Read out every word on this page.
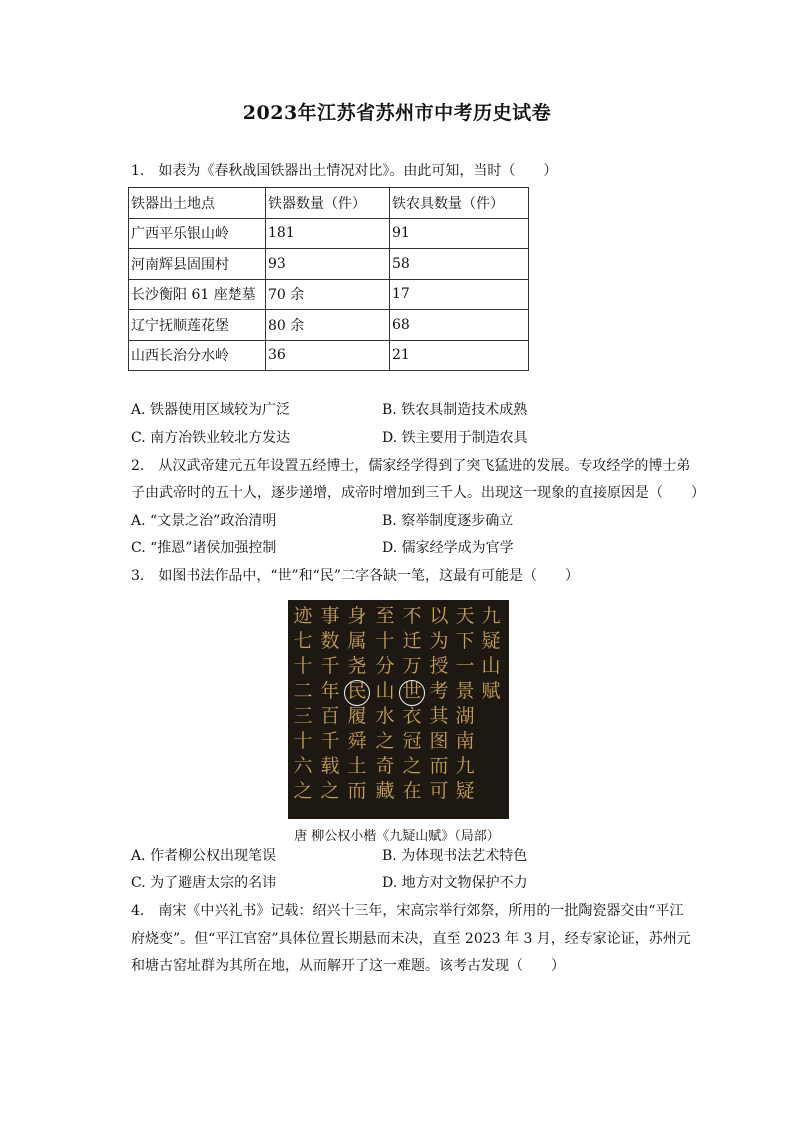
2023年江苏省苏州市中考历史试卷
1.　如表为《春秋战国铁器出土情况对比》。由此可知，当时（　　）
铁器出土地点	铁器数量（件）	铁农具数量（件）
广西平乐银山岭	181	91
河南辉县固围村	93	58
长沙衡阳 61 座楚墓	70 余	17
辽宁抚顺莲花堡	80 余	68
山西长治分水岭	36	21
A. 铁器使用区域较为广泛	B. 铁农具制造技术成熟
C. 南方冶铁业较北方发达	D. 铁主要用于制造农具
2.　从汉武帝建元五年设置五经博士，儒家经学得到了突飞猛进的发展。专攻经学的博士弟
子由武帝时的五十人，逐步递增，成帝时增加到三千人。出现这一现象的直接原因是（　　）
A. “文景之治”政治清明	B. 察举制度逐步确立
C. “推恩”诸侯加强控制	D. 儒家经学成为官学
3.　如图书法作品中，“世”和“民”二字各缺一笔，这最有可能是（　　）
九
疑
山
赋
天
下
一
景
湖
南
九
疑
以
为
授
考
其
图
而
可
不
迁
万
世
衣
冠
之
在
至
十
分
山
水
之
奇
藏
身
属
尧
民
履
舜
土
而
事
数
千
年
百
千
载
之
迹
七
十
二
三
十
六
之
唐 柳公权小楷《九疑山赋》（局部）
A. 作者柳公权出现笔误	B. 为体现书法艺术特色
C. 为了避唐太宗的名讳	D. 地方对文物保护不力
4.　南宋《中兴礼书》记载：绍兴十三年，宋高宗举行郊祭，所用的一批陶瓷器交由“平江
府烧变”。但“平江官窑”具体位置长期悬而未决，直至 2023 年 3 月，经专家论证，苏州元
和塘古窑址群为其所在地，从而解开了这一难题。该考古发现（　　）
